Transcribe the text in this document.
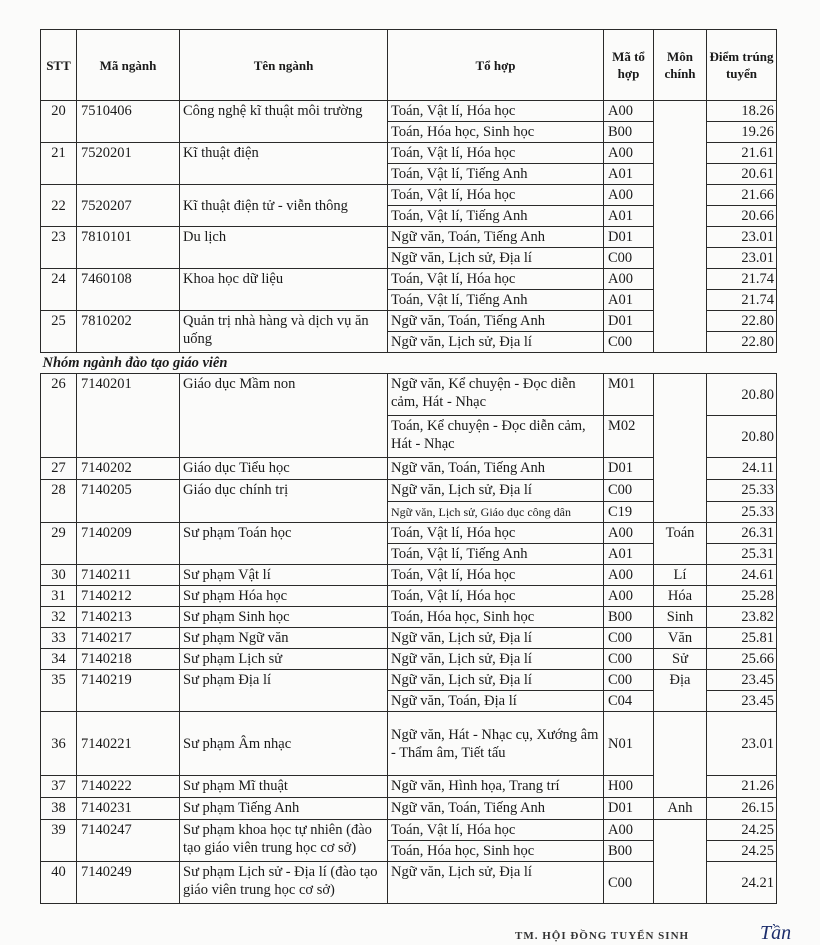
STT	Mã ngành	Tên ngành	Tổ hợp	Mã tổ hợp	Môn chính	Điểm trúng tuyển
20	7510406	Công nghệ kĩ thuật môi trường	Toán, Vật lí, Hóa học	A00		18.26
			Toán, Hóa học, Sinh học	B00		19.26
21	7520201	Kĩ thuật điện	Toán, Vật lí, Hóa học	A00		21.61
			Toán, Vật lí, Tiếng Anh	A01		20.61
22	7520207	Kĩ thuật điện tử - viễn thông	Toán, Vật lí, Hóa học	A00		21.66
			Toán, Vật lí, Tiếng Anh	A01		20.66
23	7810101	Du lịch	Ngữ văn, Toán, Tiếng Anh	D01		23.01
			Ngữ văn, Lịch sử, Địa lí	C00		23.01
24	7460108	Khoa học dữ liệu	Toán, Vật lí, Hóa học	A00		21.74
			Toán, Vật lí, Tiếng Anh	A01		21.74
25	7810202	Quản trị nhà hàng và dịch vụ ăn uống	Ngữ văn, Toán, Tiếng Anh	D01		22.80
			Ngữ văn, Lịch sử, Địa lí	C00		22.80
Nhóm ngành đào tạo giáo viên						
26	7140201	Giáo dục Mầm non	Ngữ văn, Kể chuyện - Đọc diễn cảm, Hát - Nhạc	M01		20.80
			Toán, Kể chuyện - Đọc diễn cảm, Hát - Nhạc	M02		20.80
27	7140202	Giáo dục Tiểu học	Ngữ văn, Toán, Tiếng Anh	D01		24.11
28	7140205	Giáo dục chính trị	Ngữ văn, Lịch sử, Địa lí	C00		25.33
			Ngữ văn, Lịch sử, Giáo dục công dân	C19		25.33
29	7140209	Sư phạm Toán học	Toán, Vật lí, Hóa học	A00	Toán	26.31
			Toán, Vật lí, Tiếng Anh	A01		25.31
30	7140211	Sư phạm Vật lí	Toán, Vật lí, Hóa học	A00	Lí	24.61
31	7140212	Sư phạm Hóa học	Toán, Vật lí, Hóa học	A00	Hóa	25.28
32	7140213	Sư phạm Sinh học	Toán, Hóa học, Sinh học	B00	Sinh	23.82
33	7140217	Sư phạm Ngữ văn	Ngữ văn, Lịch sử, Địa lí	C00	Văn	25.81
34	7140218	Sư phạm Lịch sử	Ngữ văn, Lịch sử, Địa lí	C00	Sử	25.66
35	7140219	Sư phạm Địa lí	Ngữ văn, Lịch sử, Địa lí	C00	Địa	23.45
			Ngữ văn, Toán, Địa lí	C04		23.45
36	7140221	Sư phạm Âm nhạc	Ngữ văn, Hát - Nhạc cụ, Xướng âm - Thẩm âm, Tiết tấu	N01		23.01
37	7140222	Sư phạm Mĩ thuật	Ngữ văn, Hình họa, Trang trí	H00		21.26
38	7140231	Sư phạm Tiếng Anh	Ngữ văn, Toán, Tiếng Anh	D01	Anh	26.15
39	7140247	Sư phạm khoa học tự nhiên (đào tạo giáo viên trung học cơ sở)	Toán, Vật lí, Hóa học	A00		24.25
			Toán, Hóa học, Sinh học	B00		24.25
40	7140249	Sư phạm Lịch sử - Địa lí (đào tạo giáo viên trung học cơ sở)	Ngữ văn, Lịch sử, Địa lí	C00		24.21
TM. HỘI ĐỒNG TUYỂN SINH	Tần
